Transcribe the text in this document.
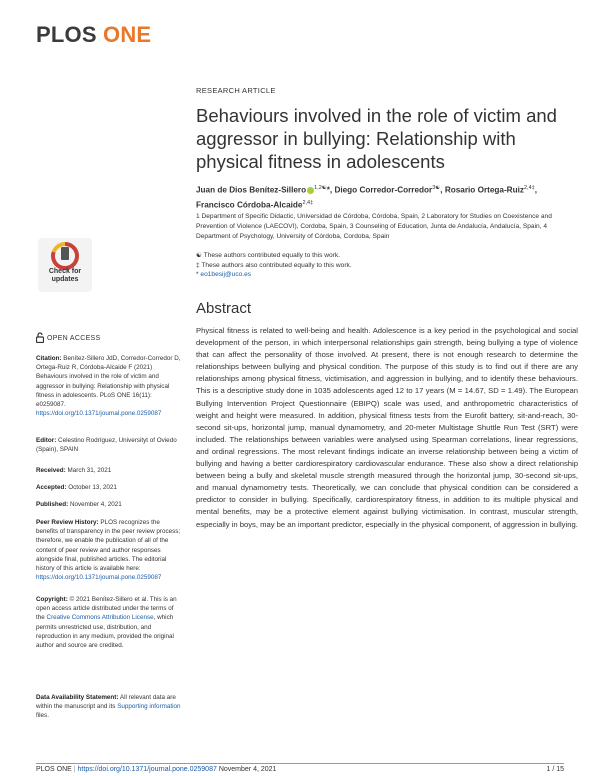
PLOS ONE
RESEARCH ARTICLE
Behaviours involved in the role of victim and aggressor in bullying: Relationship with physical fitness in adolescents
Juan de Dios Benítez-Sillero $^{1,2☯}$*, Diego Corredor-Corredor$^{3☯}$, Rosario Ortega-Ruiz$^{2,4\ddagger}$,
Francisco Córdoba-Alcaide$^{2,4\ddagger}$
1 Department of Specific Didactic, Universidad de Córdoba, Córdoba, Spain, 2 Laboratory for Studies on Coexistence and Prevention of Violence (LAECOVI), Cordoba, Spain, 3 Counseling of Education, Junta de Andalucía, Andalucía, Spain, 4 Department of Psychology, University of Córdoba, Cordoba, Spain
☯ These authors contributed equally to this work.
‡ These authors also contributed equally to this work.
* eo1besij@uco.es
Abstract
Physical fitness is related to well-being and health. Adolescence is a key period in the psychological and social development of the person, in which interpersonal relationships gain strength, being bullying a type of violence that can affect the personality of those involved. At present, there is not enough research to determine the relationships between bullying and physical condition. The purpose of this study is to find out if there are any relationships among physical fitness, victimisation, and aggression in bullying, and to identify these behaviours. This is a descriptive study done in 1035 adolescents aged 12 to 17 years (M = 14.67, SD = 1.49). The European Bullying Intervention Project Questionnaire (EBIPQ) scale was used, and anthropometric characteristics of weight and height were measured. In addition, physical fitness tests from the Eurofit battery, sit-and-reach, 30-second sit-ups, horizontal jump, manual dynamometry, and 20-meter Multistage Shuttle Run Test (SRT) were included. The relationships between variables were analysed using Spearman correlations, linear regressions, and ordinal regressions. The most relevant findings indicate an inverse relationship between being a victim of bullying and having a better cardiorespiratory cardiovascular endurance. These also show a direct relationship between being a bully and skeletal muscle strength measured through the horizontal jump, 30-second sit-ups, and manual dynamometry tests. Theoretically, we can conclude that physical condition can be considered a predictor to consider in bullying. Specifically, cardiorespiratory fitness, in addition to its multiple physical and mental benefits, may be a protective element against bullying victimisation. In contrast, muscular strength, especially in boys, may be an important predictor, especially in the physical component, of aggression in bullying.
Check for
updates
OPEN ACCESS
Citation: Benítez-Sillero JdD, Corredor-Corredor D, Ortega-Ruiz R, Córdoba-Alcaide F (2021) Behaviours involved in the role of victim and aggressor in bullying: Relationship with physical fitness in adolescents. PLoS ONE 16(11): e0259087. https://doi.org/10.1371/journal.pone.0259087
Editor: Celestino Rodríguez, Universityt of Oviedo (Spain), SPAIN
Received: March 31, 2021
Accepted: October 13, 2021
Published: November 4, 2021
Peer Review History: PLOS recognizes the benefits of transparency in the peer review process; therefore, we enable the publication of all of the content of peer review and author responses alongside final, published articles. The editorial history of this article is available here: https://doi.org/10.1371/journal.pone.0259087
Copyright: © 2021 Benítez-Sillero et al. This is an open access article distributed under the terms of the Creative Commons Attribution License, which permits unrestricted use, distribution, and reproduction in any medium, provided the original author and source are credited.
Data Availability Statement: All relevant data are within the manuscript and its Supporting information files.
PLOS ONE | https://doi.org/10.1371/journal.pone.0259087 November 4, 2021	1 / 15
